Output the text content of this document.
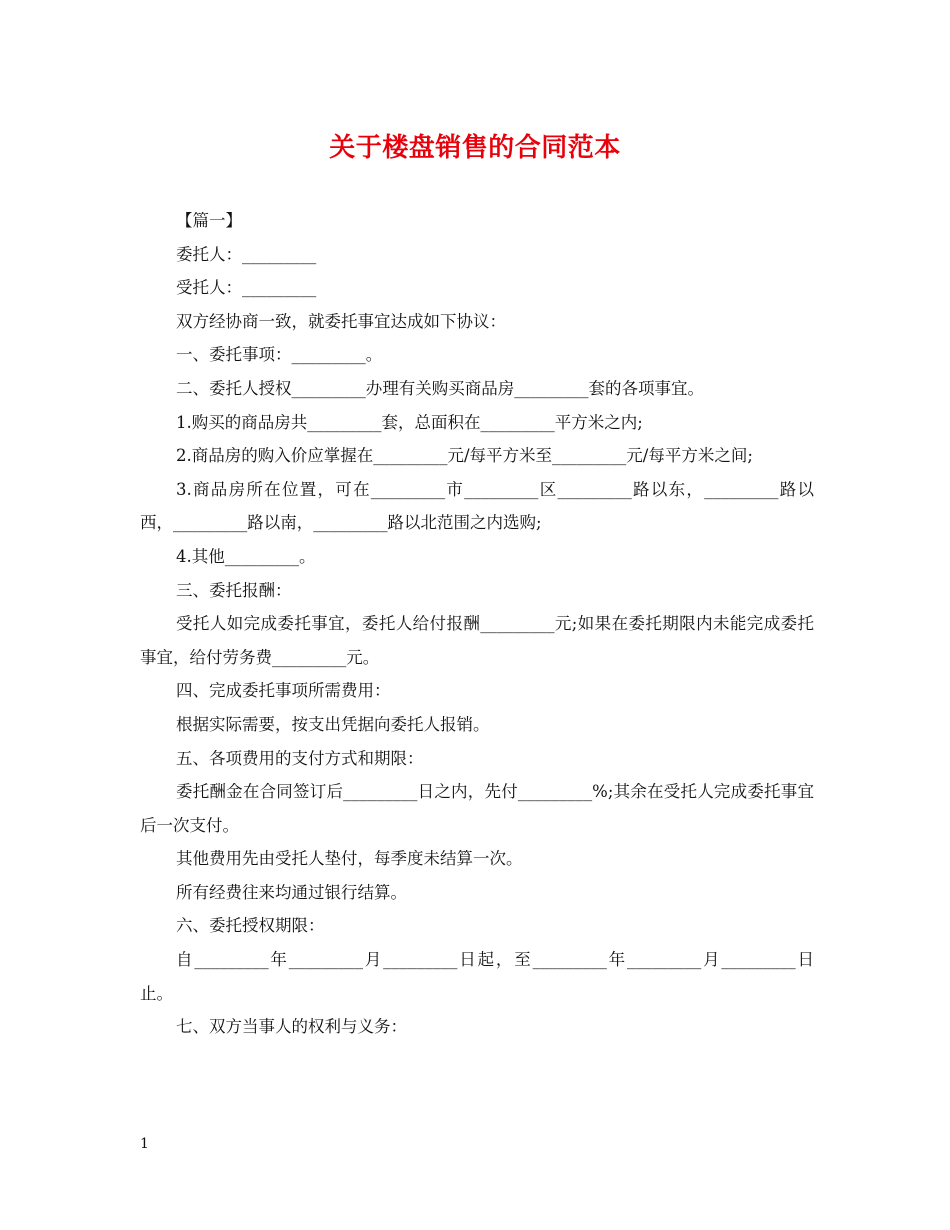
关于楼盘销售的合同范本

【篇一】

委托人：_________

受托人：_________

双方经协商一致，就委托事宜达成如下协议：

一、委托事项：_________。

二、委托人授权_________办理有关购买商品房_________套的各项事宜。

1.购买的商品房共_________套，总面积在_________平方米之内;

2.商品房的购入价应掌握在_________元/每平方米至_________元/每平方米之间;

3.商品房所在位置，可在_________市_________区_________路以东，_________路以西，_________路以南，_________路以北范围之内选购;

4.其他_________。

三、委托报酬：

受托人如完成委托事宜，委托人给付报酬_________元;如果在委托期限内未能完成委托事宜，给付劳务费_________元。

四、完成委托事项所需费用：

根据实际需要，按支出凭据向委托人报销。

五、各项费用的支付方式和期限：

委托酬金在合同签订后_________日之内，先付_________%;其余在受托人完成委托事宜后一次支付。

其他费用先由受托人垫付，每季度未结算一次。

所有经费往来均通过银行结算。

六、委托授权期限：

自_________年_________月_________日起，至_________年_________月_________日止。

七、双方当事人的权利与义务：

1
